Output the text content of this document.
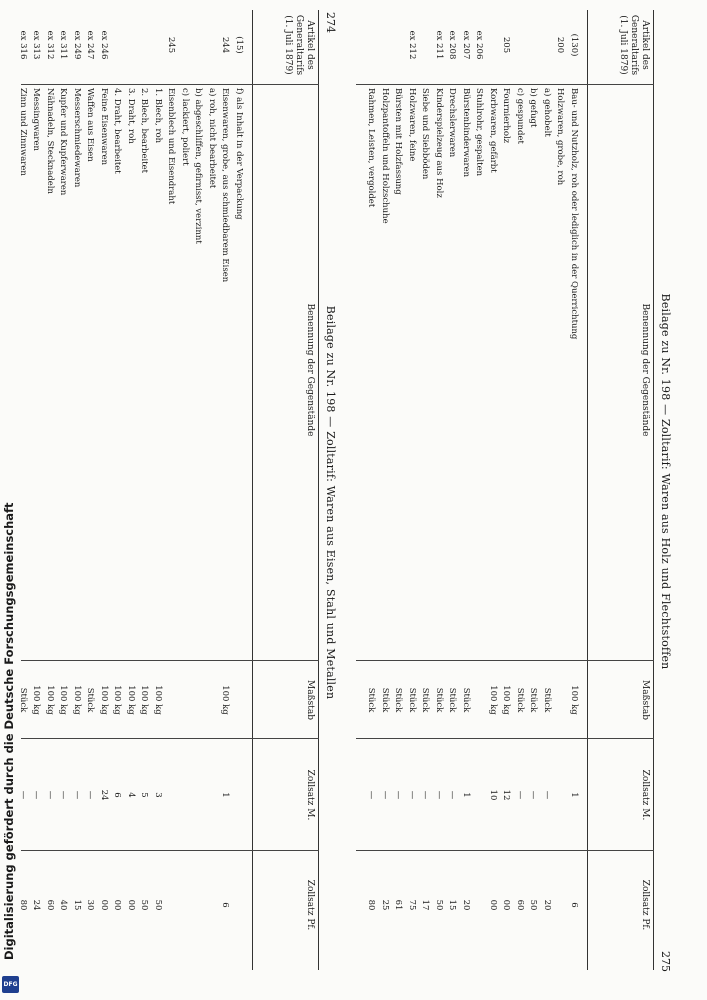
Digitalisierung gefördert durch die Deutsche Forschungsgemeinschaft
DFG
274
Beilage zu Nr. 198 — Zolltarif: Waren aus Eisen, Stahl und Metallen
Artikel des Generaltarifs (1. Juli 1879)
Benennung der Gegenstände
Maßstab
Zollsatz M.
Zollsatz Pf.
(15)
f) als Inhalt in der Verpackung
244
Eisenwaren, grobe, aus schmiedbarem Eisen
100 kg
1
6
a) roh, nicht bearbeitet
b) abgeschliffen, gefirnisst, verzinnt
c) lackiert, poliert
245
Eisenblech und Eisendraht
1. Blech, roh
100 kg
3
50
2. Blech, bearbeitet
100 kg
5
50
3. Draht, roh
100 kg
4
00
4. Draht, bearbeitet
100 kg
6
00
ex 246
Feine Eisenwaren
100 kg
24
00
ex 247
Waffen aus Eisen
Stück
—
30
ex 249
Messerschmiedewaren
100 kg
—
15
ex 311
Kupfer und Kupferwaren
100 kg
—
40
ex 312
Nähnadeln, Stecknadeln
100 kg
—
60
ex 313
Messingwaren
100 kg
—
24
ex 316
Zinn und Zinnwaren
Stück
—
80
Beilage zu Nr. 198 — Zolltarif: Waren aus Holz und Flechtstoffen
275
Artikel des Generaltarifs (1. Juli 1879)
Benennung der Gegenstände
Maßstab
Zollsatz M.
Zollsatz Pf.
(130)
Bau- und Nutzholz, roh oder lediglich in der Querrichtung
100 kg
1
6
200
Holzwaren, grobe, roh
a) gehobelt
Stück
—
20
b) gefugt
Stück
—
50
c) gespundet
Stück
—
60
205
Fournierholz
100 kg
12
00
Korbwaren, gefärbt
100 kg
10
00
ex 206
Stuhlrohr, gespalten
ex 207
Bürstenbinderwaren
Stück
1
20
ex 208
Drechslerwaren
Stück
—
15
ex 211
Kinderspielzeug aus Holz
Stück
—
50
Siebe und Siebböden
Stück
—
17
ex 212
Holzwaren, feine
Stück
—
75
Bürsten mit Holzfassung
Stück
—
61
Holzpantoffeln und Holzschuhe
Stück
—
25
Rahmen, Leisten, vergoldet
Stück
—
80
